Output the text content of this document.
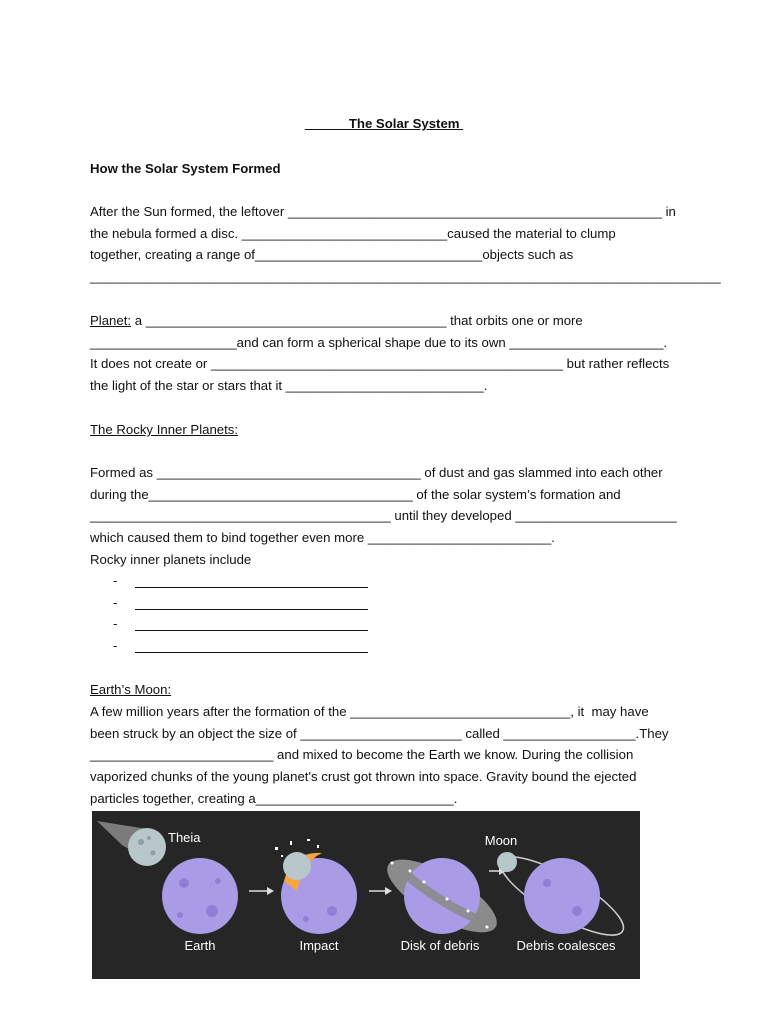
______The Solar System
How the Solar System Formed
After the Sun formed, the leftover ___________________________________________________ in
the nebula formed a disc. ____________________________caused the material to clump
together, creating a range of_______________________________objects such as
______________________________________________________________________________________
Planet: a _________________________________________ that orbits one or more
____________________and can form a spherical shape due to its own _____________________.
It does not create or ________________________________________________ but rather reflects
the light of the star or stars that it ___________________________.
The Rocky Inner Planets:
Formed as ____________________________________ of dust and gas slammed into each other
during the____________________________________ of the solar system’s formation and
_________________________________________ until they developed ______________________
which caused them to bind together even more _________________________.
Rocky inner planets include
-
-
-
-
Earth’s Moon:
A few million years after the formation of the ______________________________, it  may have
been struck by an object the size of ______________________ called __________________.They
_________________________ and mixed to become the Earth we know. During the collision
vaporized chunks of the young planet's crust got thrown into space. Gravity bound the ejected
particles together, creating a___________________________.
Theia
Earth	Impact	Disk of debris
Moon
Debris coalesces
